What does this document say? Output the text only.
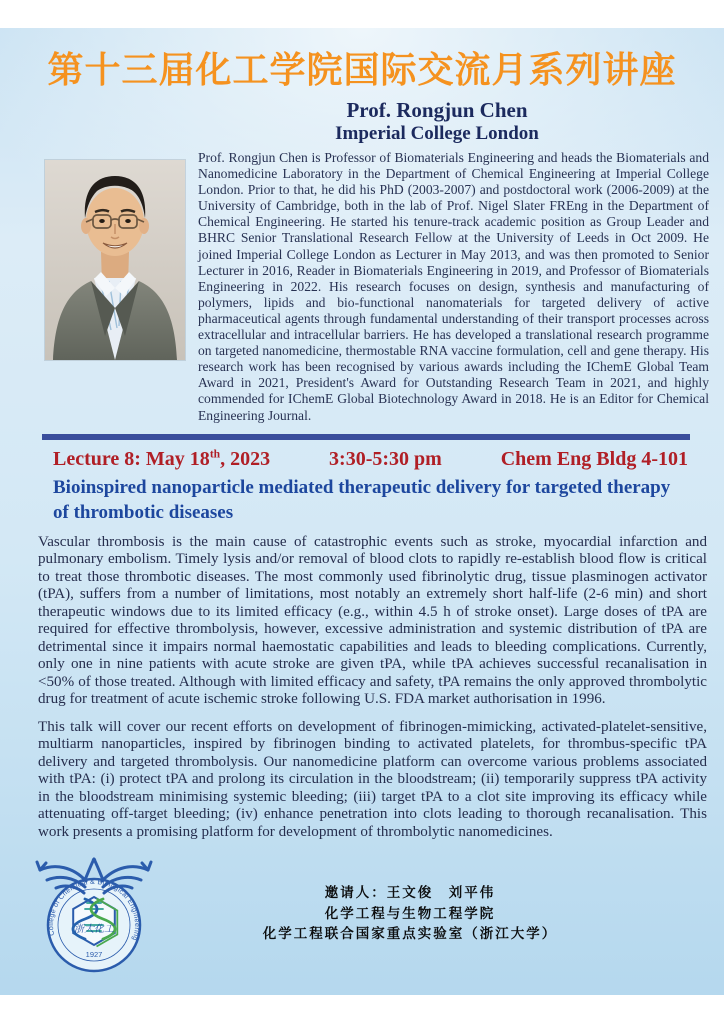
第十三届化工学院国际交流月系列讲座
Prof. Rongjun Chen
Imperial College London
Prof. Rongjun Chen is Professor of Biomaterials Engineering and heads the Biomaterials and Nanomedicine Laboratory in the Department of Chemical Engineering at Imperial College London. Prior to that, he did his PhD (2003-2007) and postdoctoral work (2006-2009) at the University of Cambridge, both in the lab of Prof. Nigel Slater FREng in the Department of Chemical Engineering. He started his tenure-track academic position as Group Leader and BHRC Senior Translational Research Fellow at the University of Leeds in Oct 2009. He joined Imperial College London as Lecturer in May 2013, and was then promoted to Senior Lecturer in 2016, Reader in Biomaterials Engineering in 2019, and Professor of Biomaterials Engineering in 2022. His research focuses on design, synthesis and manufacturing of polymers, lipids and bio-functional nanomaterials for targeted delivery of active pharmaceutical agents through fundamental understanding of their transport processes across extracellular and intracellular barriers. He has developed a translational research programme on targeted nanomedicine, thermostable RNA vaccine formulation, cell and gene therapy. His research work has been recognised by various awards including the IChemE Global Team Award in 2021, President's Award for Outstanding Research Team in 2021, and highly commended for IChemE Global Biotechnology Award in 2018. He is an Editor for Chemical Engineering Journal.
Lecture 8: May 18th, 2023	3:30-5:30 pm	Chem Eng Bldg 4-101
Bioinspired nanoparticle mediated therapeutic delivery for targeted therapy of thrombotic diseases

Vascular thrombosis is the main cause of catastrophic events such as stroke, myocardial infarction and pulmonary embolism. Timely lysis and/or removal of blood clots to rapidly re-establish blood flow is critical to treat those thrombotic diseases. The most commonly used fibrinolytic drug, tissue plasminogen activator (tPA), suffers from a number of limitations, most notably an extremely short half-life (2-6 min) and short therapeutic windows due to its limited efficacy (e.g., within 4.5 h of stroke onset). Large doses of tPA are required for effective thrombolysis, however, excessive administration and systemic distribution of tPA are detrimental since it impairs normal haemostatic capabilities and leads to bleeding complications. Currently, only one in nine patients with acute stroke are given tPA, while tPA achieves successful recanalisation in <50% of those treated. Although with limited efficacy and safety, tPA remains the only approved thrombolytic drug for treatment of acute ischemic stroke following U.S. FDA market authorisation in 1996.

This talk will cover our recent efforts on development of fibrinogen-mimicking, activated-platelet-sensitive, multiarm nanoparticles, inspired by fibrinogen binding to activated platelets, for thrombus-specific tPA delivery and targeted thrombolysis. Our nanomedicine platform can overcome various problems associated with tPA: (i) protect tPA and prolong its circulation in the bloodstream; (ii) temporarily suppress tPA activity in the bloodstream minimising systemic bleeding; (iii) target tPA to a clot site improving its efficacy while attenuating off-target bleeding; (iv) enhance penetration into clots leading to thorough recanalisation. This work presents a promising platform for development of thrombolytic nanomedicines.

College of Chemical & Biological Engineering
1927
浙大化工
邀请人：王文俊　刘平伟
化学工程与生物工程学院
化学工程联合国家重点实验室（浙江大学）
